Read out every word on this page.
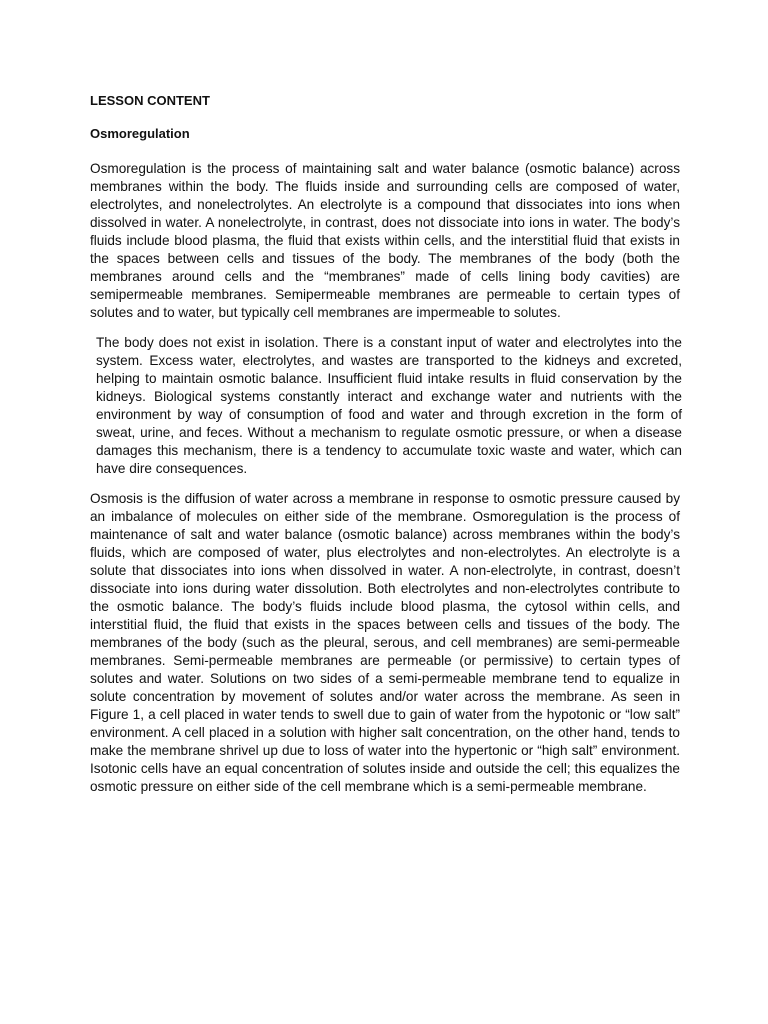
LESSON CONTENT
Osmoregulation

Osmoregulation is the process of maintaining salt and water balance (osmotic balance) across membranes within the body. The fluids inside and surrounding cells are composed of water, electrolytes, and nonelectrolytes. An electrolyte is a compound that dissociates into ions when dissolved in water. A nonelectrolyte, in contrast, does not dissociate into ions in water. The body’s fluids include blood plasma, the fluid that exists within cells, and the interstitial fluid that exists in the spaces between cells and tissues of the body. The membranes of the body (both the membranes around cells and the “membranes” made of cells lining body cavities) are semipermeable membranes. Semipermeable membranes are permeable to certain types of solutes and to water, but typically cell membranes are impermeable to solutes.

The body does not exist in isolation. There is a constant input of water and electrolytes into the system. Excess water, electrolytes, and wastes are transported to the kidneys and excreted, helping to maintain osmotic balance. Insufficient fluid intake results in fluid conservation by the kidneys. Biological systems constantly interact and exchange water and nutrients with the environment by way of consumption of food and water and through excretion in the form of sweat, urine, and feces. Without a mechanism to regulate osmotic pressure, or when a disease damages this mechanism, there is a tendency to accumulate toxic waste and water, which can have dire consequences.

Osmosis is the diffusion of water across a membrane in response to osmotic pressure caused by an imbalance of molecules on either side of the membrane. Osmoregulation is the process of maintenance of salt and water balance (osmotic balance) across membranes within the body’s fluids, which are composed of water, plus electrolytes and non-electrolytes. An electrolyte is a solute that dissociates into ions when dissolved in water. A non-electrolyte, in contrast, doesn’t dissociate into ions during water dissolution. Both electrolytes and non-electrolytes contribute to the osmotic balance. The body’s fluids include blood plasma, the cytosol within cells, and interstitial fluid, the fluid that exists in the spaces between cells and tissues of the body. The membranes of the body (such as the pleural, serous, and cell membranes) are semi-permeable membranes. Semi-permeable membranes are permeable (or permissive) to certain types of solutes and water. Solutions on two sides of a semi-permeable membrane tend to equalize in solute concentration by movement of solutes and/or water across the membrane. As seen in Figure 1, a cell placed in water tends to swell due to gain of water from the hypotonic or “low salt” environment. A cell placed in a solution with higher salt concentration, on the other hand, tends to make the membrane shrivel up due to loss of water into the hypertonic or “high salt” environment. Isotonic cells have an equal concentration of solutes inside and outside the cell; this equalizes the osmotic pressure on either side of the cell membrane which is a semi-permeable membrane.
